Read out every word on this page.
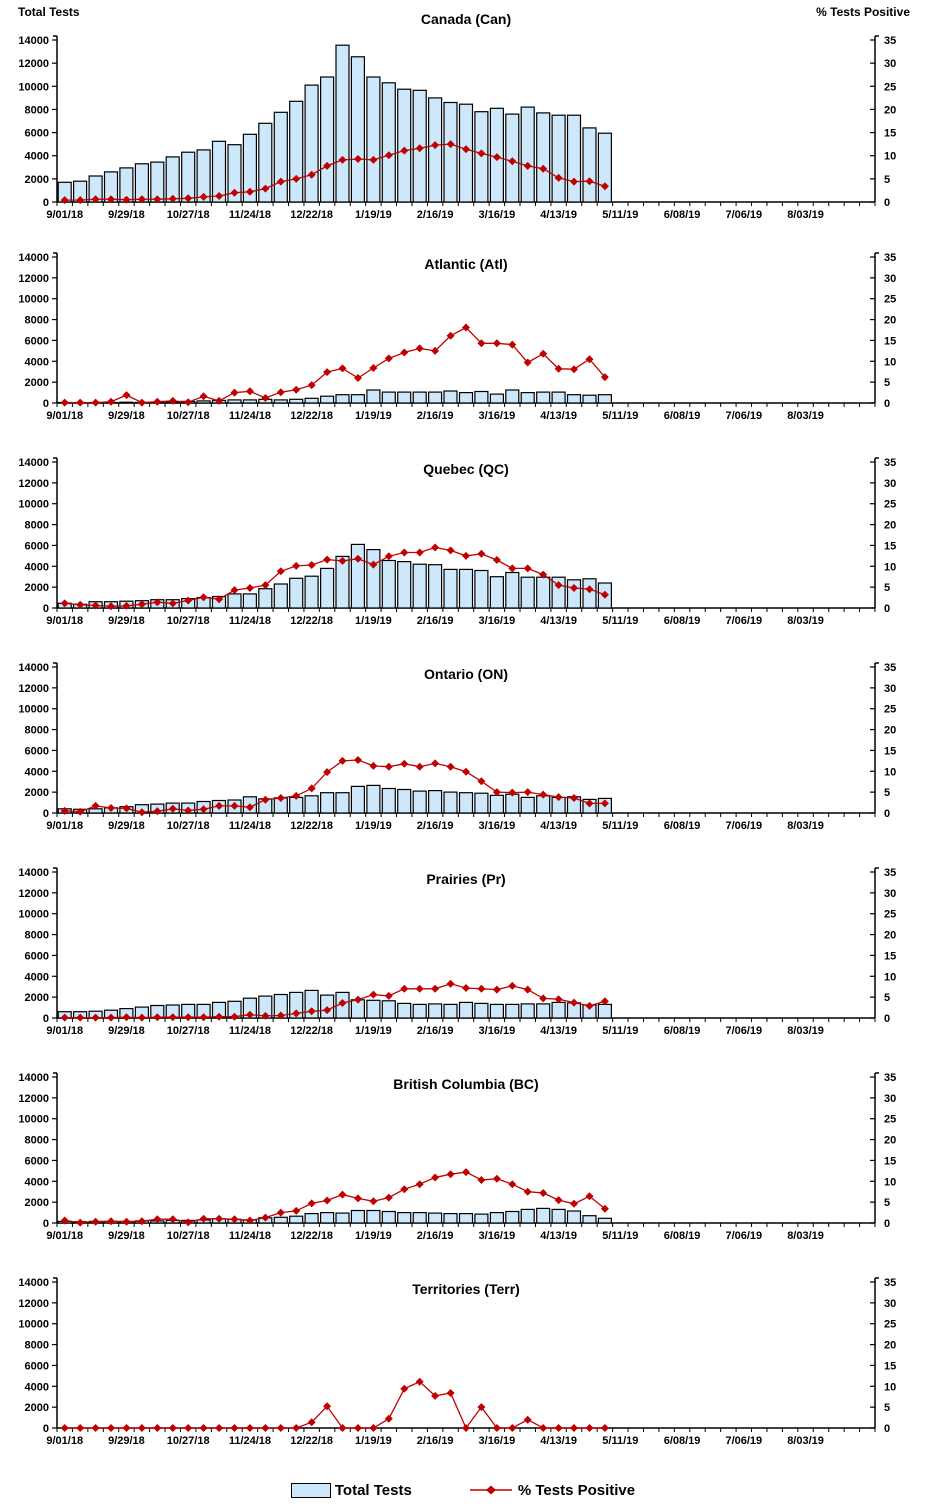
Canada (Can)
Total Tests	% Tests Positive
0
2000
4000
6000
8000
10000
12000
14000
0
5
10
15
20
25
30
35
9/01/18 9/29/18 10/27/18 11/24/18 12/22/18 1/19/19 2/16/19 3/16/19 4/13/19 5/11/19 6/08/19 7/06/19 8/03/19
Atlantic (Atl)
0
2000
4000
6000
8000
10000
12000
14000
0
5
10
15
20
25
30
35
9/01/18 9/29/18 10/27/18 11/24/18 12/22/18 1/19/19 2/16/19 3/16/19 4/13/19 5/11/19 6/08/19 7/06/19 8/03/19
Quebec (QC)
0
2000
4000
6000
8000
10000
12000
14000
0
5
10
15
20
25
30
35
9/01/18 9/29/18 10/27/18 11/24/18 12/22/18 1/19/19 2/16/19 3/16/19 4/13/19 5/11/19 6/08/19 7/06/19 8/03/19
Ontario (ON)
0
2000
4000
6000
8000
10000
12000
14000
0
5
10
15
20
25
30
35
9/01/18 9/29/18 10/27/18 11/24/18 12/22/18 1/19/19 2/16/19 3/16/19 4/13/19 5/11/19 6/08/19 7/06/19 8/03/19
Prairies (Pr)
0
2000
4000
6000
8000
10000
12000
14000
0
5
10
15
20
25
30
35
9/01/18 9/29/18 10/27/18 11/24/18 12/22/18 1/19/19 2/16/19 3/16/19 4/13/19 5/11/19 6/08/19 7/06/19 8/03/19
British Columbia (BC)
0
2000
4000
6000
8000
10000
12000
14000
0
5
10
15
20
25
30
35
9/01/18 9/29/18 10/27/18 11/24/18 12/22/18 1/19/19 2/16/19 3/16/19 4/13/19 5/11/19 6/08/19 7/06/19 8/03/19
Territories (Terr)
0
2000
4000
6000
8000
10000
12000
14000
0
5
10
15
20
25
30
35
9/01/18 9/29/18 10/27/18 11/24/18 12/22/18 1/19/19 2/16/19 3/16/19 4/13/19 5/11/19 6/08/19 7/06/19 8/03/19
Total Tests	% Tests Positive
